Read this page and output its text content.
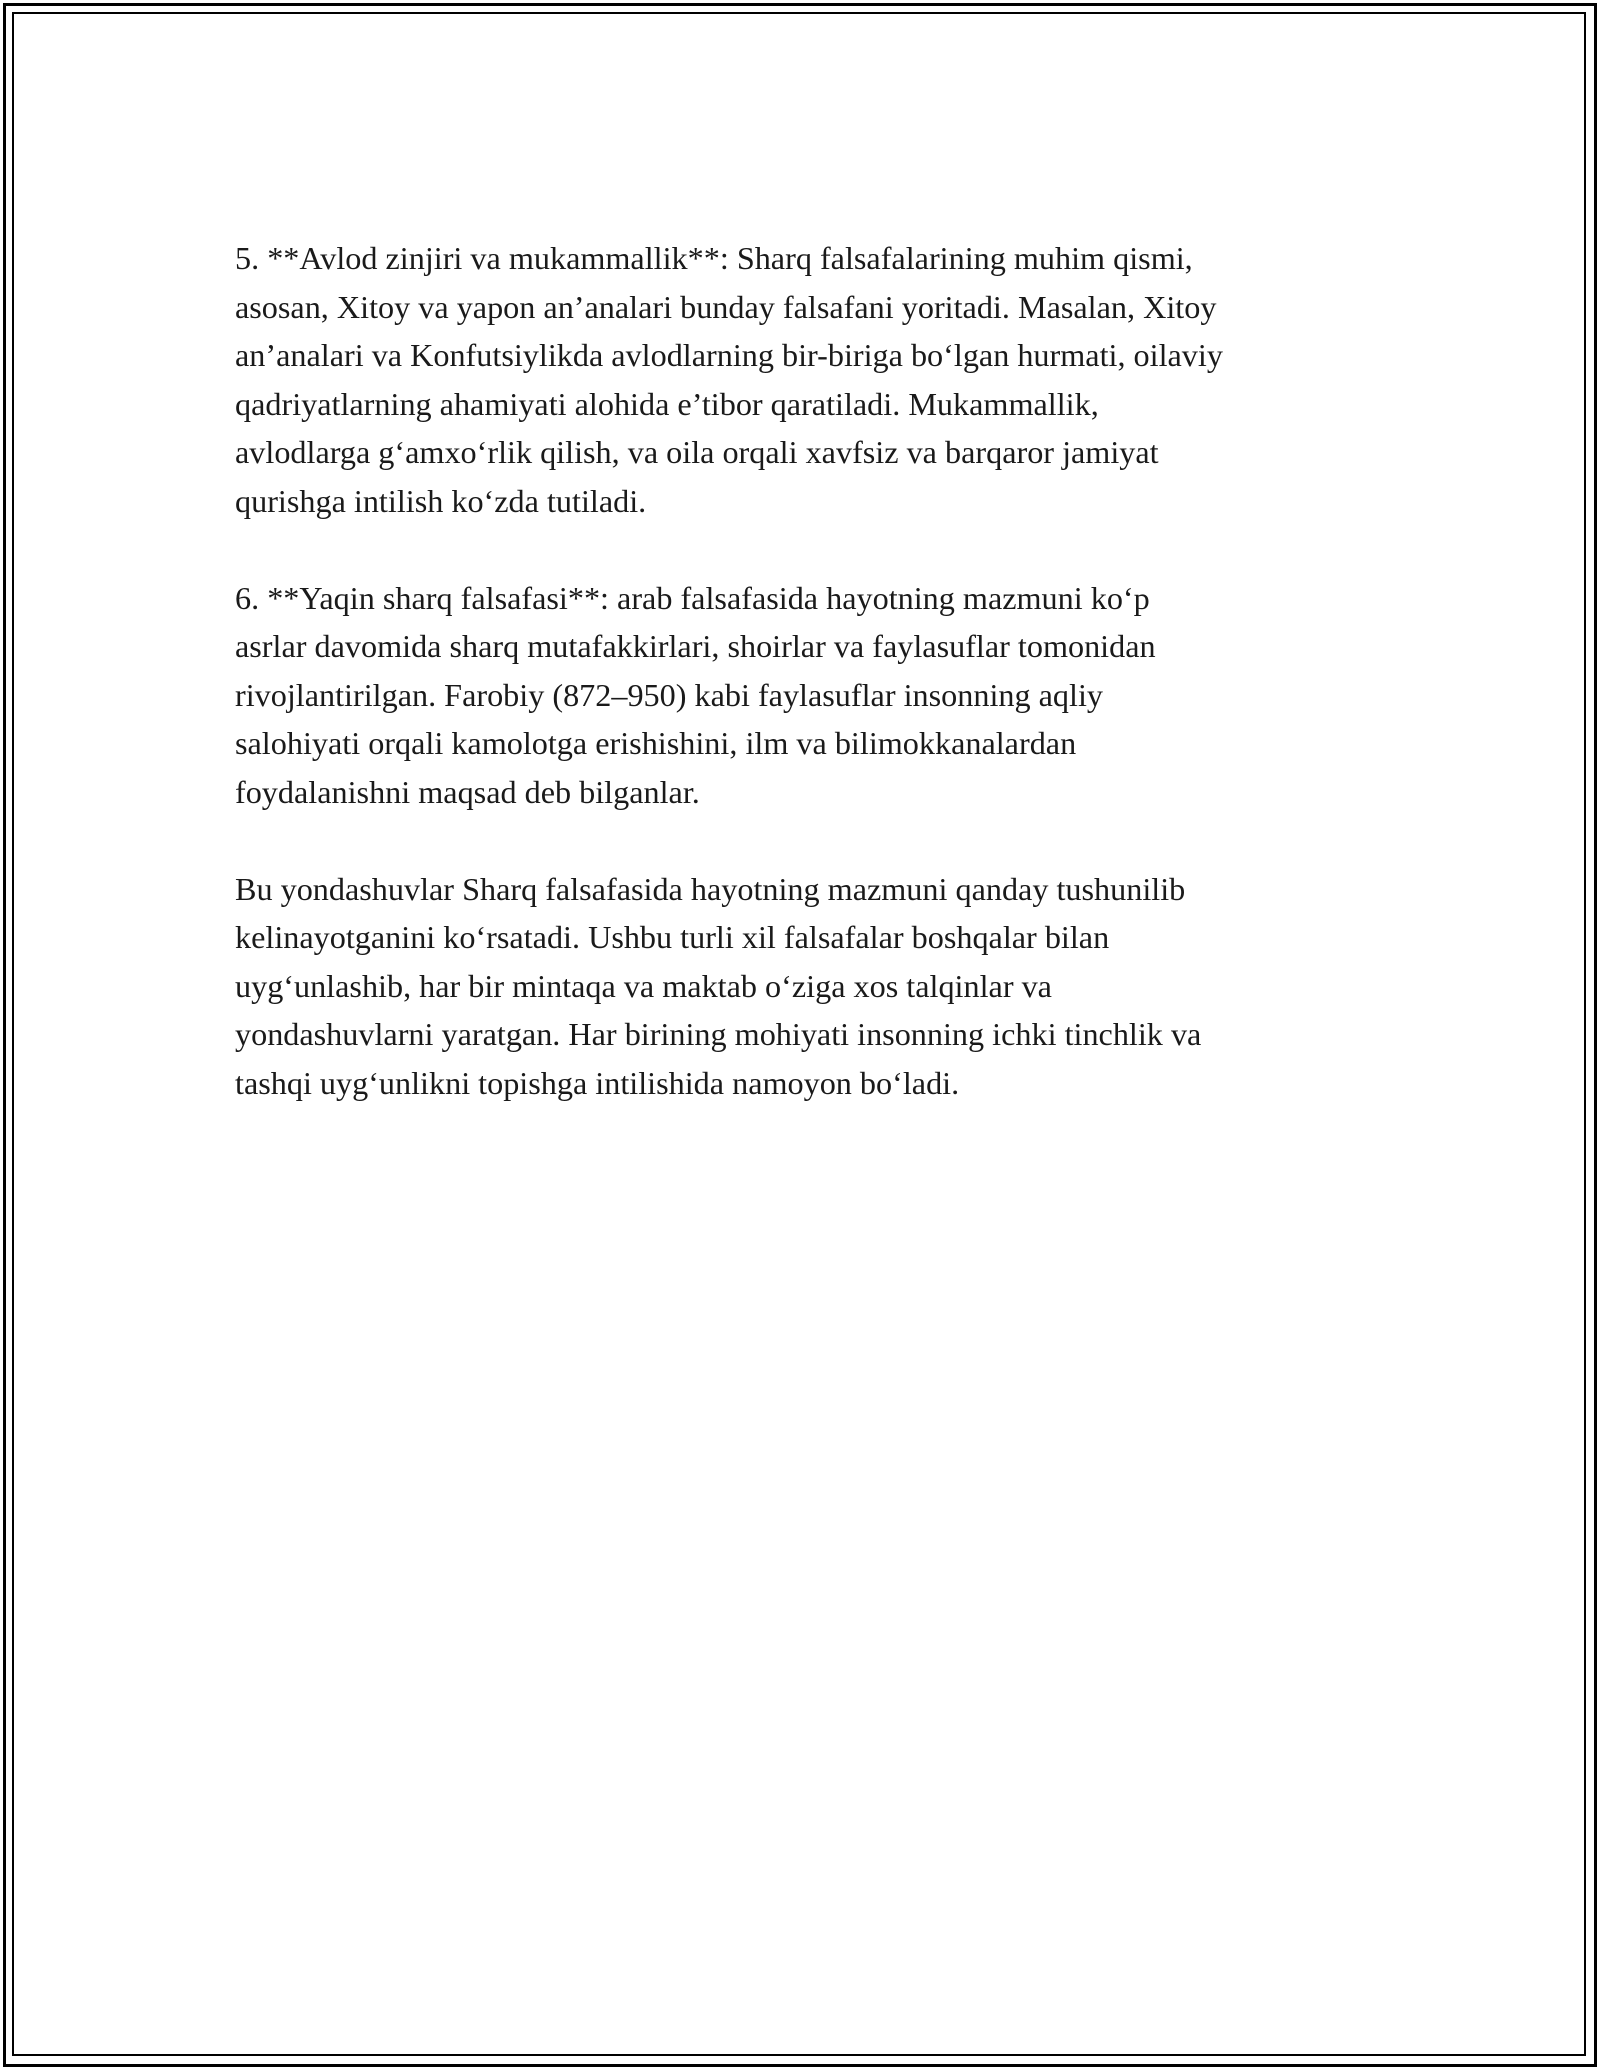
5. **Avlod zinjiri va mukammallik**: Sharq falsafalarining muhim qismi,
asosan, Xitoy va yapon an’analari bunday falsafani yoritadi. Masalan, Xitoy
an’analari va Konfutsiylikda avlodlarning bir-biriga bo‘lgan hurmati, oilaviy
qadriyatlarning ahamiyati alohida e’tibor qaratiladi. Mukammallik,
avlodlarga g‘amxo‘rlik qilish, va oila orqali xavfsiz va barqaror jamiyat
qurishga intilish ko‘zda tutiladi.

6. **Yaqin sharq falsafasi**: arab falsafasida hayotning mazmuni ko‘p
asrlar davomida sharq mutafakkirlari, shoirlar va faylasuflar tomonidan
rivojlantirilgan. Farobiy (872–950) kabi faylasuflar insonning aqliy
salohiyati orqali kamolotga erishishini, ilm va bilimokkanalardan
foydalanishni maqsad deb bilganlar.

Bu yondashuvlar Sharq falsafasida hayotning mazmuni qanday tushunilib
kelinayotganini ko‘rsatadi. Ushbu turli xil falsafalar boshqalar bilan
uyg‘unlashib, har bir mintaqa va maktab o‘ziga xos talqinlar va
yondashuvlarni yaratgan. Har birining mohiyati insonning ichki tinchlik va
tashqi uyg‘unlikni topishga intilishida namoyon bo‘ladi.
